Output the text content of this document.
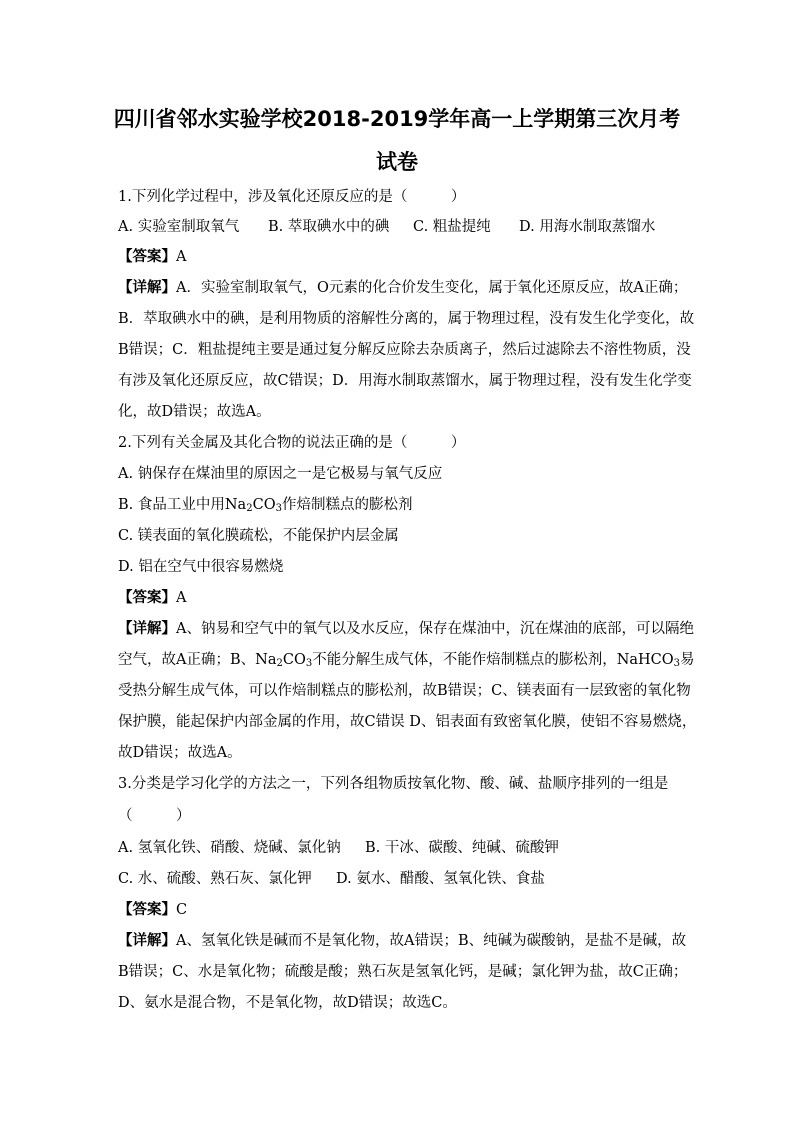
四川省邻水实验学校2018-2019学年高一上学期第三次月考
试卷
1.下列化学过程中，涉及氧化还原反应的是（　　　）
A. 实验室制取氧气 B. 萃取碘水中的碘 C. 粗盐提纯 D. 用海水制取蒸馏水
【答案】A
【详解】A．实验室制取氧气，O元素的化合价发生变化，属于氧化还原反应，故A正确；
B．萃取碘水中的碘，是利用物质的溶解性分离的，属于物理过程，没有发生化学变化，故
B错误；C．粗盐提纯主要是通过复分解反应除去杂质离子，然后过滤除去不溶性物质，没
有涉及氧化还原反应，故C错误；D．用海水制取蒸馏水，属于物理过程，没有发生化学变
化，故D错误；故选A。
2.下列有关金属及其化合物的说法正确的是（　　　）
A. 钠保存在煤油里的原因之一是它极易与氧气反应
B. 食品工业中用$Na_2CO_3$作焙制糕点的膨松剂
C. 镁表面的氧化膜疏松，不能保护内层金属
D. 铝在空气中很容易燃烧
【答案】A
【详解】A、钠易和空气中的氧气以及水反应，保存在煤油中，沉在煤油的底部，可以隔绝
空气，故A正确；B、$Na_2CO_3$不能分解生成气体，不能作焙制糕点的膨松剂，NaHCO$_3$易
受热分解生成气体，可以作焙制糕点的膨松剂，故B错误；C、镁表面有一层致密的氧化物
保护膜，能起保护内部金属的作用，故C错误 D、铝表面有致密氧化膜，使铝不容易燃烧，
故D错误；故选A。
3.分类是学习化学的方法之一，下列各组物质按氧化物、酸、碱、盐顺序排列的一组是
（　　　）
A. 氢氧化铁、硝酸、烧碱、氯化钠 B. 干冰、碳酸、纯碱、硫酸钾
C. 水、硫酸、熟石灰、氯化钾 D. 氨水、醋酸、氢氧化铁、食盐
【答案】C
【详解】A、氢氧化铁是碱而不是氧化物，故A错误；B、纯碱为碳酸钠，是盐不是碱，故
B错误；C、水是氧化物；硫酸是酸；熟石灰是氢氧化钙，是碱；氯化钾为盐，故C正确；
D、氨水是混合物，不是氧化物，故D错误；故选C。
